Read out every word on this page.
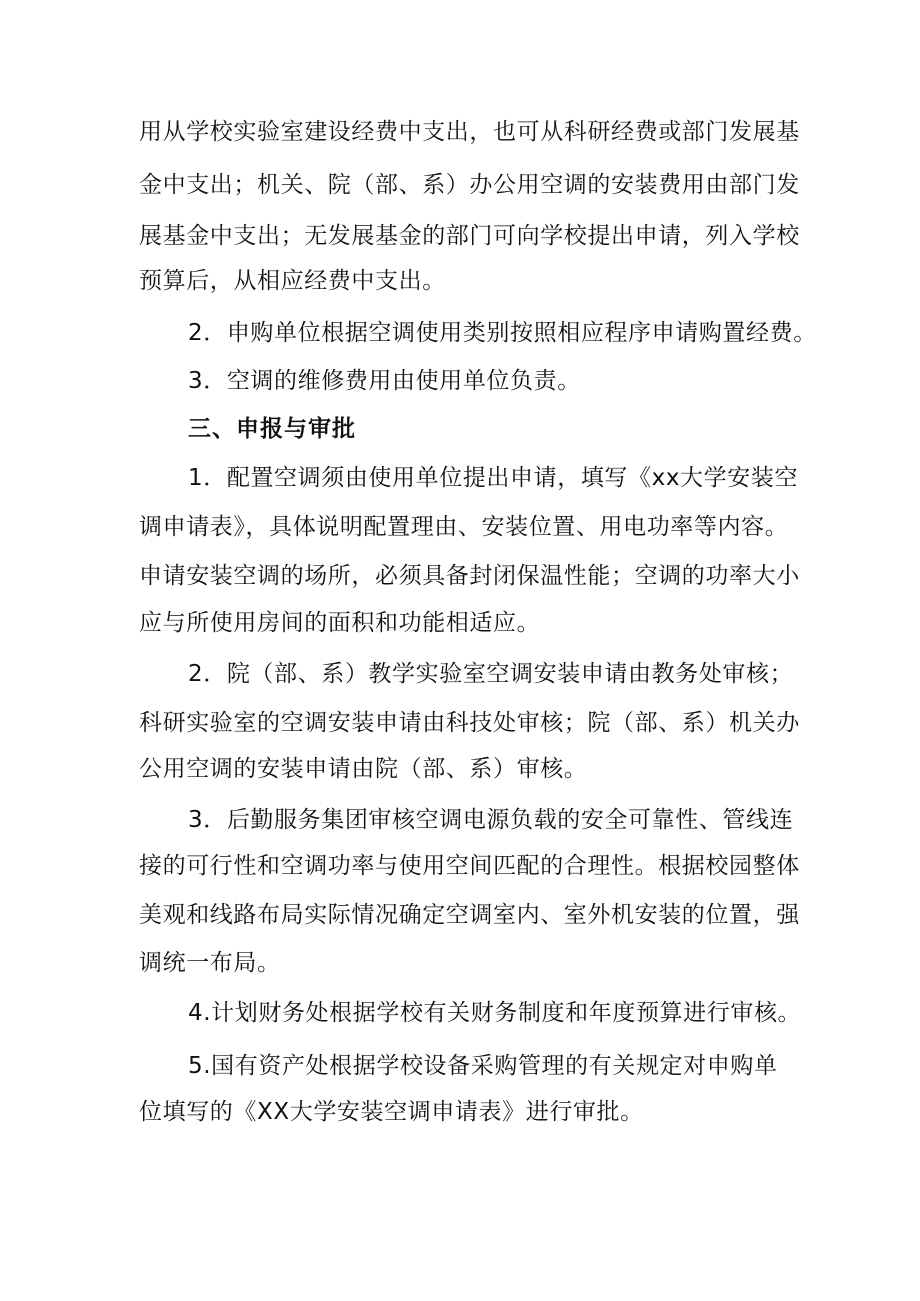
用从学校实验室建设经费中支出，也可从科研经费或部门发展基
金中支出；机关、院（部、系）办公用空调的安装费用由部门发
展基金中支出；无发展基金的部门可向学校提出申请，列入学校
预算后，从相应经费中支出。
2．申购单位根据空调使用类别按照相应程序申请购置经费。
3．空调的维修费用由使用单位负责。
三、申报与审批
1．配置空调须由使用单位提出申请，填写《xx大学安装空
调申请表》，具体说明配置理由、安装位置、用电功率等内容。
申请安装空调的场所，必须具备封闭保温性能；空调的功率大小
应与所使用房间的面积和功能相适应。
2．院（部、系）教学实验室空调安装申请由教务处审核；
科研实验室的空调安装申请由科技处审核；院（部、系）机关办
公用空调的安装申请由院（部、系）审核。
3．后勤服务集团审核空调电源负载的安全可靠性、管线连
接的可行性和空调功率与使用空间匹配的合理性。根据校园整体
美观和线路布局实际情况确定空调室内、室外机安装的位置，强
调统一布局。
4.计划财务处根据学校有关财务制度和年度预算进行审核。
5.国有资产处根据学校设备采购管理的有关规定对申购单
位填写的《XX大学安装空调申请表》进行审批。
